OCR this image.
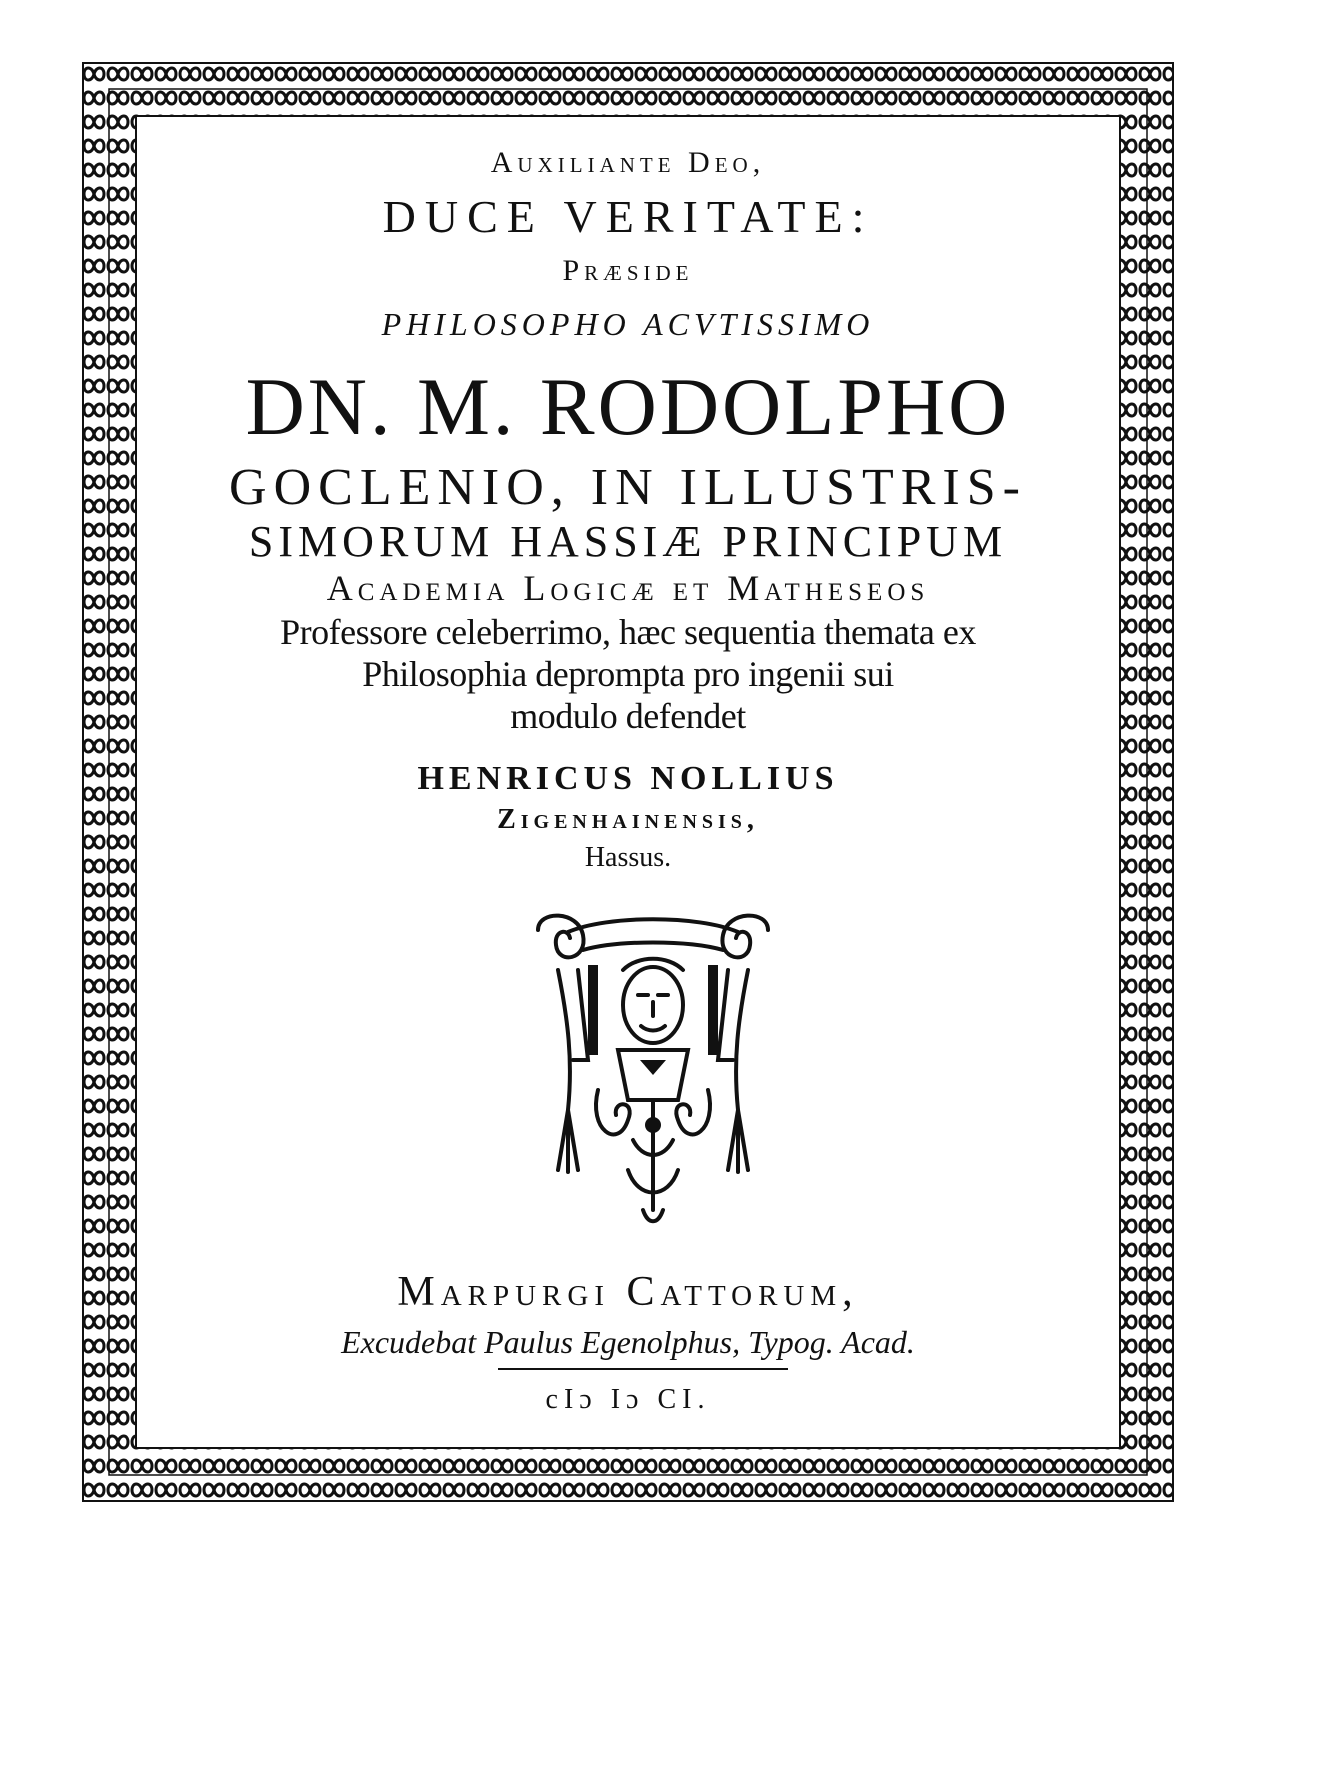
Auxiliante Deo,
DUCE VERITATE:
Præside
PHILOSOPHO ACVTISSIMO
DN. M. RODOLPHO
GOCLENIO, IN ILLUSTRIS-
SIMORUM HASSIÆ PRINCIPUM
Academia Logicæ et Matheseos
Professore celeberrimo, hæc sequentia themata ex
Philosophia deprompta pro ingenii sui
modulo defendet
HENRICUS NOLLIUS
Zigenhainensis,
Hassus.
Marpurgi Cattorum,
Excudebat Paulus Egenolphus, Typog. Acad.
cIɔ Iɔ CI.
